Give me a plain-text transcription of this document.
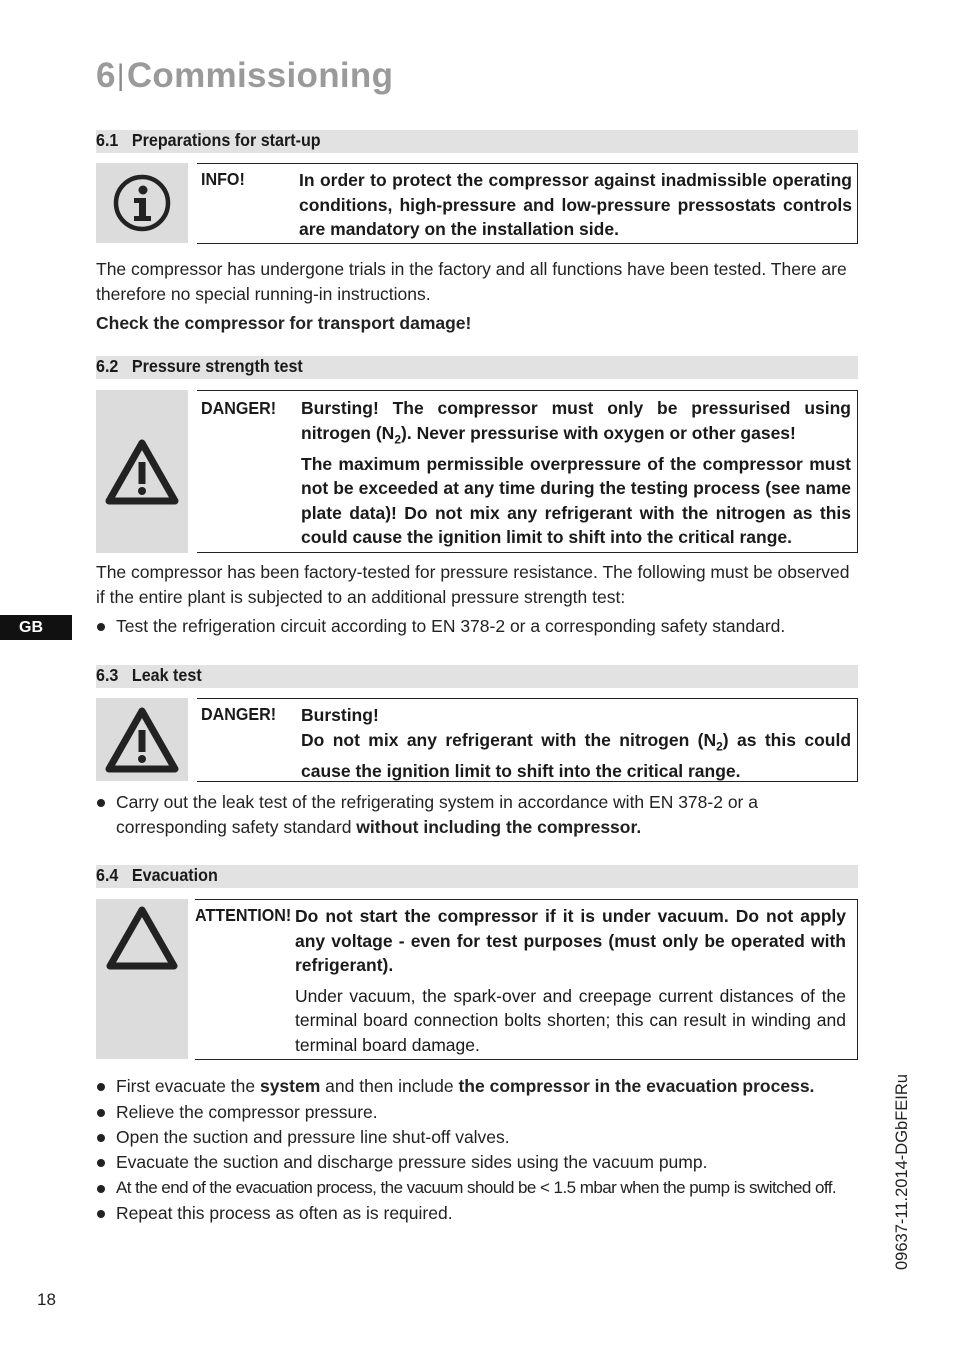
6|Commissioning
6.1 Preparations for start-up
INFO!	In order to protect the compressor against inadmissible operating conditions, high-pressure and low-pressure pressostats controls are mandatory on the installation side.
The compressor has undergone trials in the factory and all functions have been tested. There are therefore no special running-in instructions.
Check the compressor for transport damage!
6.2 Pressure strength test
DANGER! Bursting! The compressor must only be pressurised using nitrogen $(N_2)$. Never pressurise with oxygen or other gases!
The maximum permissible overpressure of the compressor must not be exceeded at any time during the testing process (see name plate data)! Do not mix any refrigerant with the nitrogen as this could cause the ignition limit to shift into the critical range.
The compressor has been factory-tested for pressure resistance. The following must be observed if the entire plant is subjected to an additional pressure strength test:
Test the refrigeration circuit according to EN 378-2 or a corresponding safety standard.
6.3 Leak test
DANGER! Bursting!
Do not mix any refrigerant with the nitrogen $(N_2)$ as this could cause the ignition limit to shift into the critical range.
Carry out the leak test of the refrigerating system in accordance with EN 378-2 or a corresponding safety standard without including the compressor.
6.4 Evacuation
ATTENTION! Do not start the compressor if it is under vacuum. Do not apply any voltage - even for test purposes (must only be operated with refrigerant).
Under vacuum, the spark-over and creepage current distances of the terminal board connection bolts shorten; this can result in winding and terminal board damage.
First evacuate the system and then include the compressor in the evacuation process.
Relieve the compressor pressure.
Open the suction and pressure line shut-off valves.
Evacuate the suction and discharge pressure sides using the vacuum pump.
At the end of the evacuation process, the vacuum should be < 1.5 mbar when the pump is switched off.
Repeat this process as often as is required.
GB
09637-11.2014-DGbFEIRu
18
